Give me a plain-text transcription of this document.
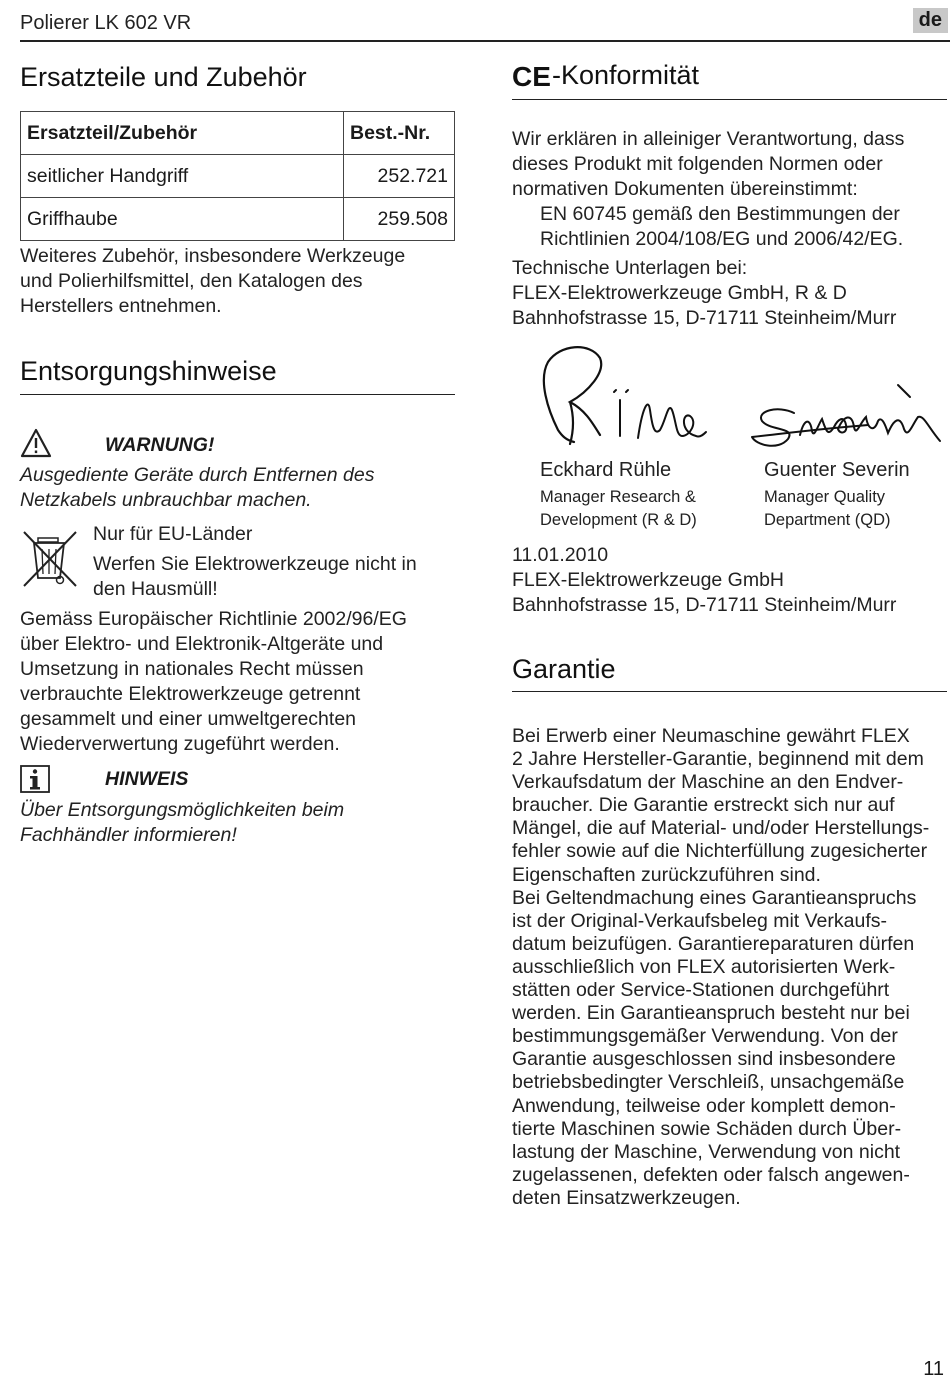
Polierer LK 602 VR	de
Ersatzteile und Zubehör
Ersatzteil/Zubehör	Best.-Nr.
seitlicher Handgriff	252.721
Griffhaube	259.508

Weiteres Zubehör, insbesondere Werkzeuge

und Polierhilfsmittel, den Katalogen des

Herstellers entnehmen.

Entsorgungshinweise
WARNUNG!

Ausgediente Geräte durch Entfernen des

Netzkabels unbrauchbar machen.

Nur für EU-Länder

Werfen Sie Elektrowerkzeuge nicht in

den Hausmüll!

Gemäss Europäischer Richtlinie 2002/96/EG

über Elektro- und Elektronik-Altgeräte und

Umsetzung in nationales Recht müssen

verbrauchte Elektrowerkzeuge getrennt

gesammelt und einer umweltgerechten

Wiederverwertung zugeführt werden.

HINWEIS

Über Entsorgungsmöglichkeiten beim

Fachhändler informieren!

CE -Konformität

Wir erklären in alleiniger Verantwortung, dass

dieses Produkt mit folgenden Normen oder

normativen Dokumenten übereinstimmt:

EN 60745 gemäß den Bestimmungen der

Richtlinien 2004/108/EG und 2006/42/EG.

Technische Unterlagen bei:

FLEX-Elektrowerkzeuge GmbH, R & D

Bahnhofstrasse 15, D-71711 Steinheim/Murr

Eckhard Rühle

Manager Research &

Development (R & D)

Guenter Severin

Manager Quality

Department (QD)

11.01.2010

FLEX-Elektrowerkzeuge GmbH

Bahnhofstrasse 15, D-71711 Steinheim/Murr

Garantie

Bei Erwerb einer Neumaschine gewährt FLEX

2 Jahre Hersteller-Garantie, beginnend mit dem

Verkaufsdatum der Maschine an den Endver-

braucher. Die Garantie erstreckt sich nur auf

Mängel, die auf Material- und/oder Herstellungs-

fehler sowie auf die Nichterfüllung zugesicherter

Eigenschaften zurückzuführen sind.

Bei Geltendmachung eines Garantieanspruchs

ist der Original-Verkaufsbeleg mit Verkaufs-

datum beizufügen. Garantiereparaturen dürfen

ausschließlich von FLEX autorisierten Werk-

stätten oder Service-Stationen durchgeführt

werden. Ein Garantieanspruch besteht nur bei

bestimmungsgemäßer Verwendung. Von der

Garantie ausgeschlossen sind insbesondere

betriebsbedingter Verschleiß, unsachgemäße

Anwendung, teilweise oder komplett demon-

tierte Maschinen sowie Schäden durch Über-

lastung der Maschine, Verwendung von nicht

zugelassenen, defekten oder falsch angewen-

deten Einsatzwerkzeugen.

11
